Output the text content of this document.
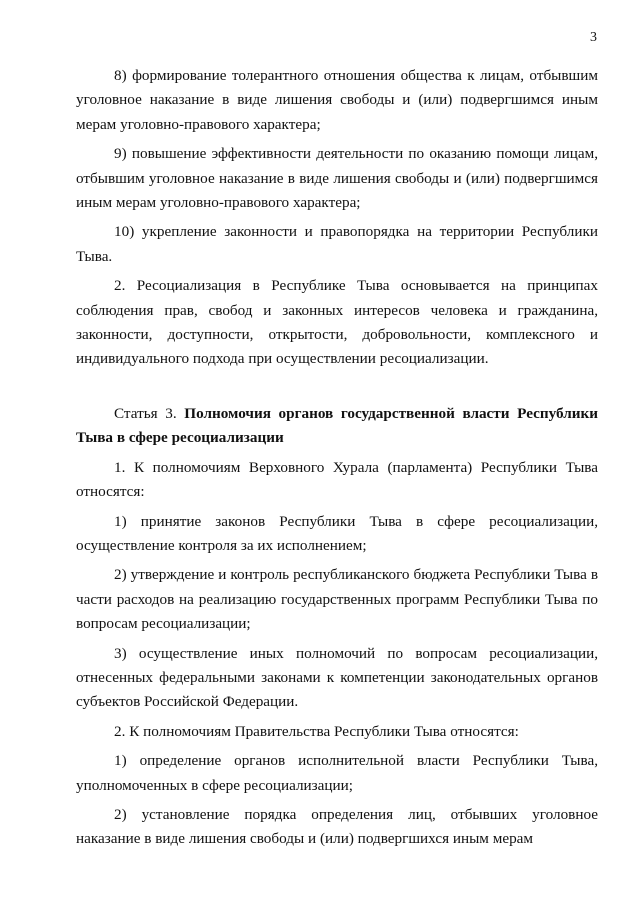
3

8) формирование толерантного отношения общества к лицам, отбывшим уголовное наказание в виде лишения свободы и (или) подвергшимся иным мерам уголовно-правового характера;

9) повышение эффективности деятельности по оказанию помощи лицам, отбывшим уголовное наказание в виде лишения свободы и (или) подвергшимся иным мерам уголовно-правового характера;

10) укрепление законности и правопорядка на территории Республики Тыва.

2. Ресоциализация в Республике Тыва основывается на принципах соблюдения прав, свобод и законных интересов человека и гражданина, законности, доступности, открытости, добровольности, комплексного и индивидуального подхода при осуществлении ресоциализации.

Статья 3. Полномочия органов государственной власти Республики Тыва в сфере ресоциализации

1. К полномочиям Верховного Хурала (парламента) Республики Тыва относятся:

1) принятие законов Республики Тыва в сфере ресоциализации, осуществление контроля за их исполнением;

2) утверждение и контроль республиканского бюджета Республики Тыва в части расходов на реализацию государственных программ Республики Тыва по вопросам ресоциализации;

3) осуществление иных полномочий по вопросам ресоциализации, отнесенных федеральными законами к компетенции законодательных органов субъектов Российской Федерации.

2. К полномочиям Правительства Республики Тыва относятся:

1) определение органов исполнительной власти Республики Тыва, уполномоченных в сфере ресоциализации;

2) установление порядка определения лиц, отбывших уголовное наказание в виде лишения свободы и (или) подвергшихся иным мерам
